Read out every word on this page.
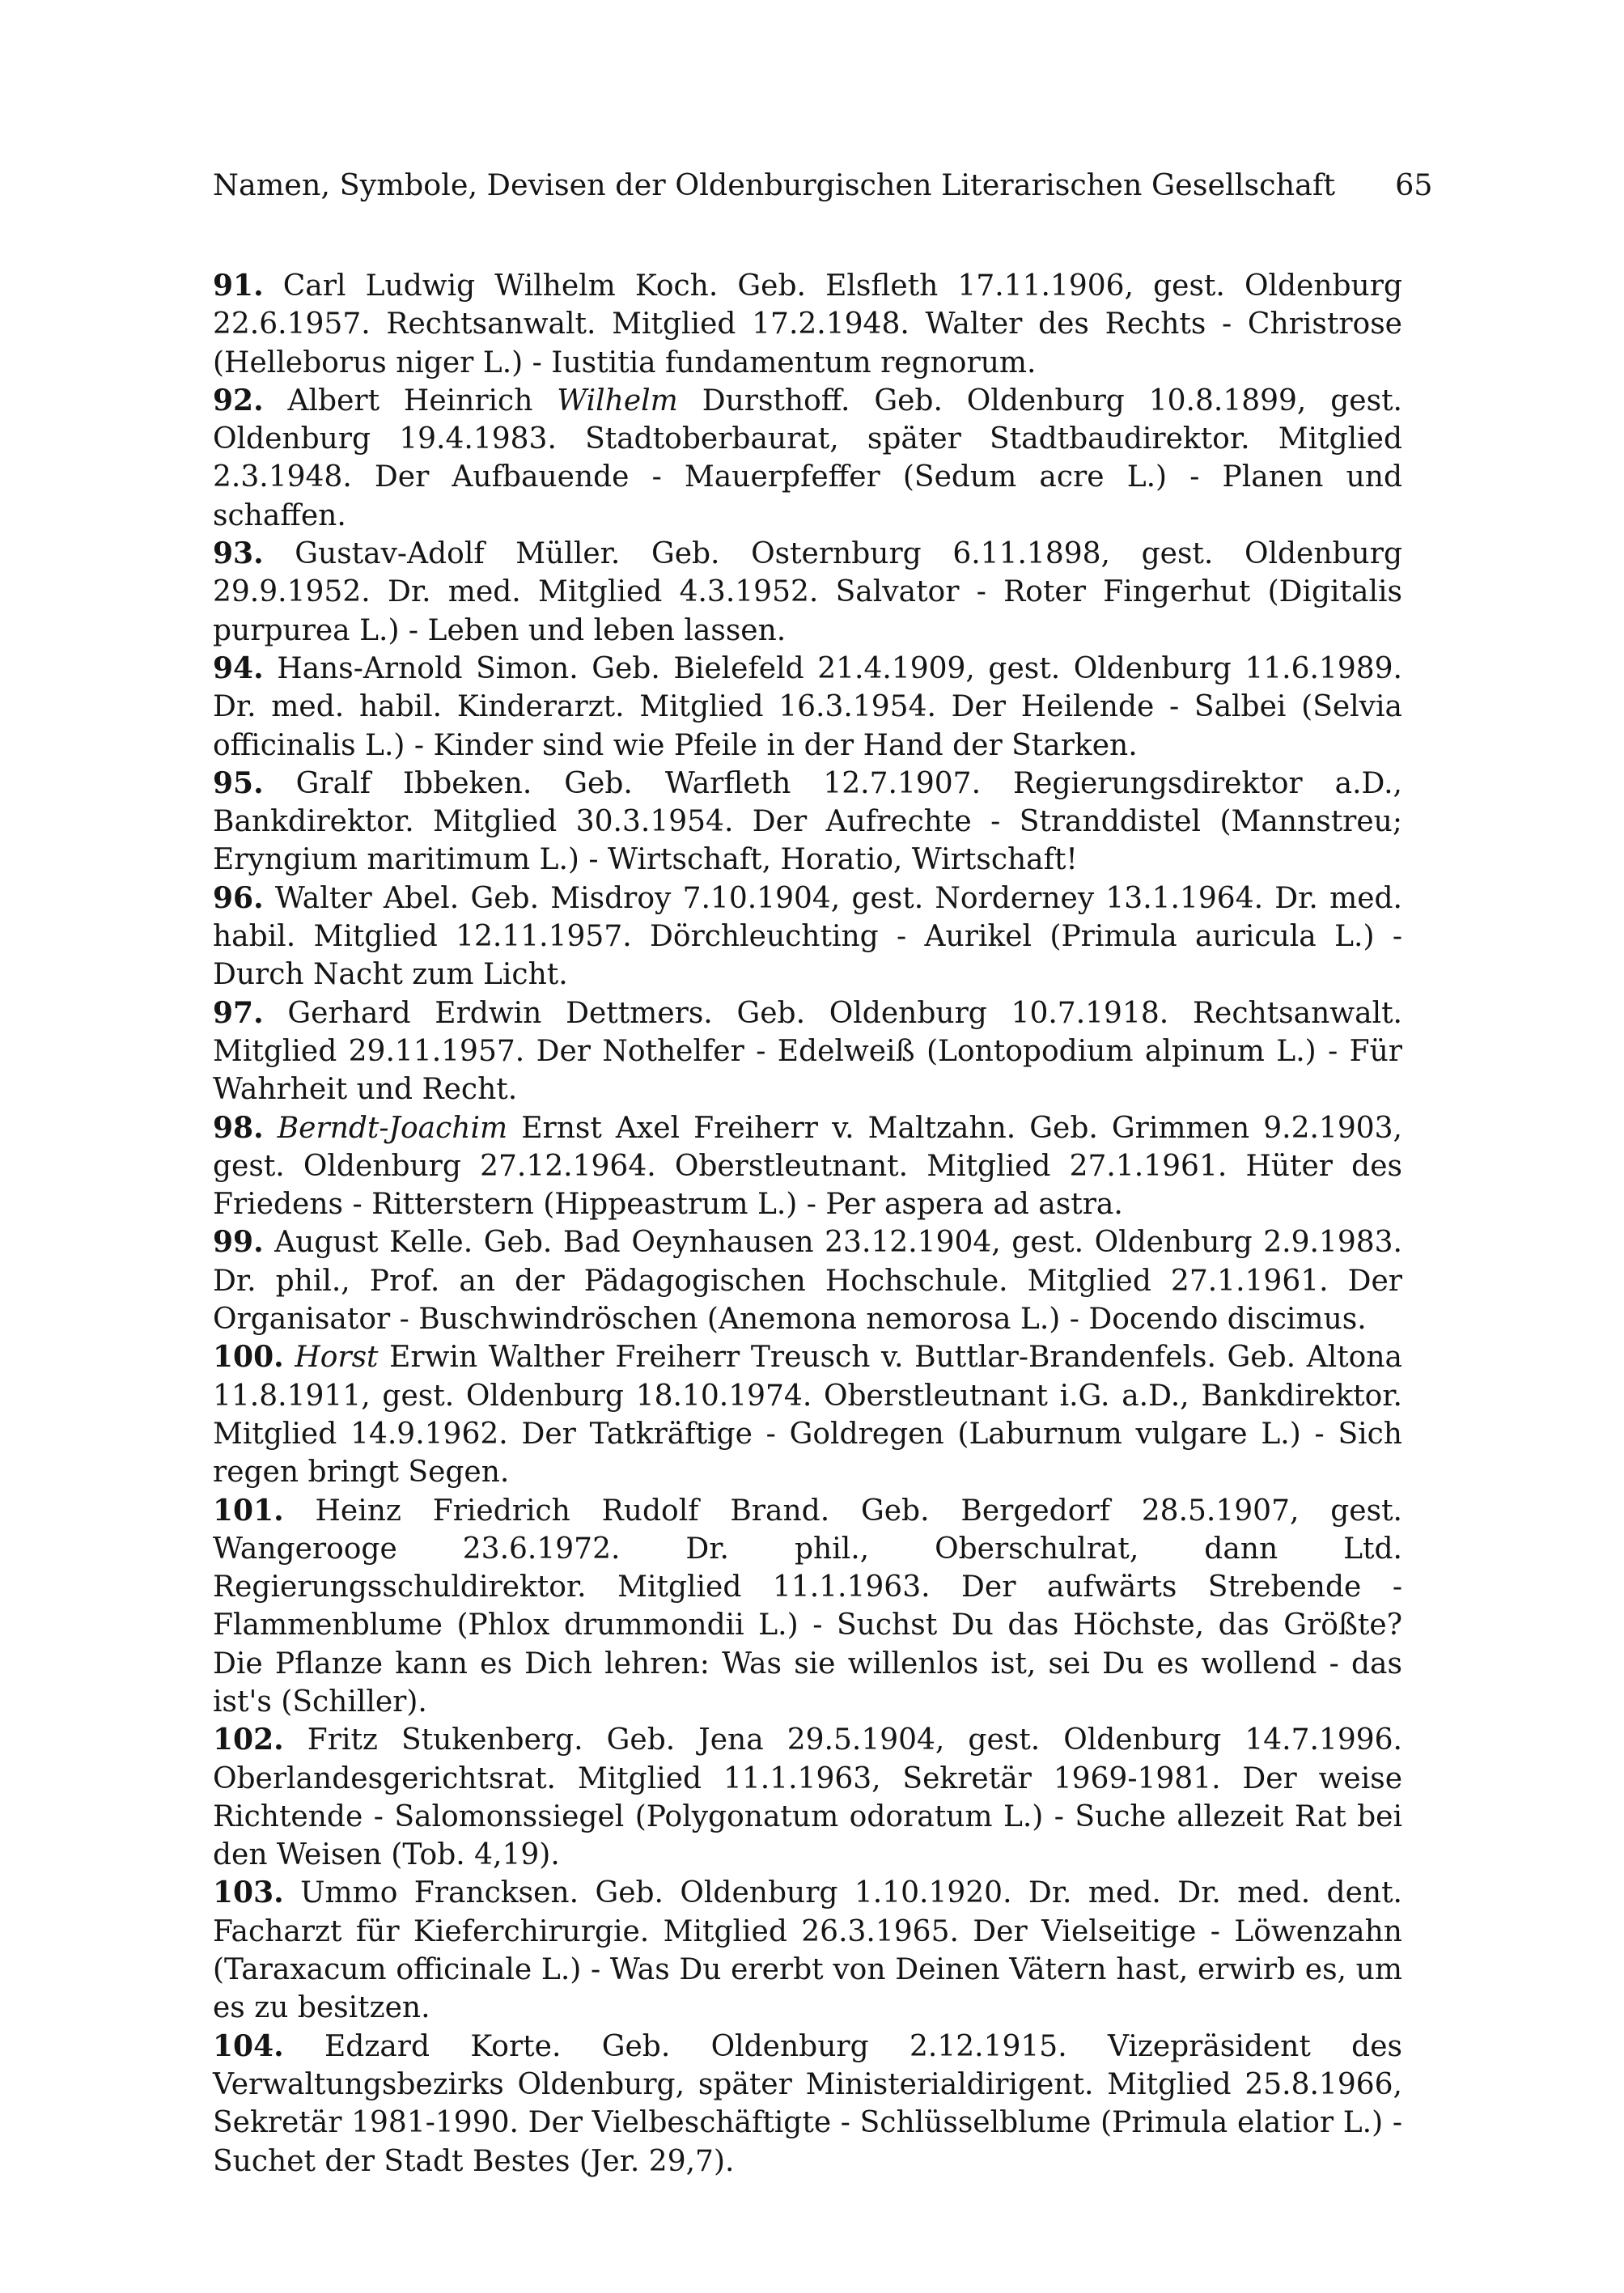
Namen, Symbole, Devisen der Oldenburgischen Literarischen Gesellschaft 65

91. Carl Ludwig Wilhelm Koch. Geb. Elsfleth 17.11.1906, gest. Oldenburg 22.6.1957. Rechtsanwalt. Mitglied 17.2.1948. Walter des Rechts - Christrose (Helleborus niger L.) - Iustitia fundamentum regnorum.

92. Albert Heinrich Wilhelm Dursthoff. Geb. Oldenburg 10.8.1899, gest. Oldenburg 19.4.1983. Stadtoberbaurat, später Stadtbaudirektor. Mitglied 2.3.1948. Der Aufbauende - Mauerpfeffer (Sedum acre L.) - Planen und schaffen.

93. Gustav-Adolf Müller. Geb. Osternburg 6.11.1898, gest. Oldenburg 29.9.1952. Dr. med. Mitglied 4.3.1952. Salvator - Roter Fingerhut (Digitalis purpurea L.) - Leben und leben lassen.

94. Hans-Arnold Simon. Geb. Bielefeld 21.4.1909, gest. Oldenburg 11.6.1989. Dr. med. habil. Kinderarzt. Mitglied 16.3.1954. Der Heilende - Salbei (Selvia officinalis L.) - Kinder sind wie Pfeile in der Hand der Starken.

95. Gralf Ibbeken. Geb. Warfleth 12.7.1907. Regierungsdirektor a.D., Bankdirektor. Mitglied 30.3.1954. Der Aufrechte - Stranddistel (Mannstreu; Eryngium maritimum L.) - Wirtschaft, Horatio, Wirtschaft!

96. Walter Abel. Geb. Misdroy 7.10.1904, gest. Norderney 13.1.1964. Dr. med. habil. Mitglied 12.11.1957. Dörchleuchting - Aurikel (Primula auricula L.) - Durch Nacht zum Licht.

97. Gerhard Erdwin Dettmers. Geb. Oldenburg 10.7.1918. Rechtsanwalt. Mitglied 29.11.1957. Der Nothelfer - Edelweiß (Lontopodium alpinum L.) - Für Wahrheit und Recht.

98. Berndt-Joachim Ernst Axel Freiherr v. Maltzahn. Geb. Grimmen 9.2.1903, gest. Oldenburg 27.12.1964. Oberstleutnant. Mitglied 27.1.1961. Hüter des Friedens - Ritterstern (Hippeastrum L.) - Per aspera ad astra.

99. August Kelle. Geb. Bad Oeynhausen 23.12.1904, gest. Oldenburg 2.9.1983. Dr. phil., Prof. an der Pädagogischen Hochschule. Mitglied 27.1.1961. Der Organisator - Buschwindröschen (Anemona nemorosa L.) - Docendo discimus.

100. Horst Erwin Walther Freiherr Treusch v. Buttlar-Brandenfels. Geb. Altona 11.8.1911, gest. Oldenburg 18.10.1974. Oberstleutnant i.G. a.D., Bankdirektor. Mitglied 14.9.1962. Der Tatkräftige - Goldregen (Laburnum vulgare L.) - Sich regen bringt Segen.

101. Heinz Friedrich Rudolf Brand. Geb. Bergedorf 28.5.1907, gest. Wangerooge 23.6.1972. Dr. phil., Oberschulrat, dann Ltd. Regierungsschuldirektor. Mitglied 11.1.1963. Der aufwärts Strebende - Flammenblume (Phlox drummondii L.) - Suchst Du das Höchste, das Größte? Die Pflanze kann es Dich lehren: Was sie willenlos ist, sei Du es wollend - das ist's (Schiller).

102. Fritz Stukenberg. Geb. Jena 29.5.1904, gest. Oldenburg 14.7.1996. Oberlandesgerichtsrat. Mitglied 11.1.1963, Sekretär 1969-1981. Der weise Richtende - Salomonssiegel (Polygonatum odoratum L.) - Suche allezeit Rat bei den Weisen (Tob. 4,19).

103. Ummo Francksen. Geb. Oldenburg 1.10.1920. Dr. med. Dr. med. dent. Facharzt für Kieferchirurgie. Mitglied 26.3.1965. Der Vielseitige - Löwenzahn (Taraxacum officinale L.) - Was Du ererbt von Deinen Vätern hast, erwirb es, um es zu besitzen.

104. Edzard Korte. Geb. Oldenburg 2.12.1915. Vizepräsident des Verwaltungsbezirks Oldenburg, später Ministerialdirigent. Mitglied 25.8.1966, Sekretär 1981-1990. Der Vielbeschäftigte - Schlüsselblume (Primula elatior L.) - Suchet der Stadt Bestes (Jer. 29,7).
